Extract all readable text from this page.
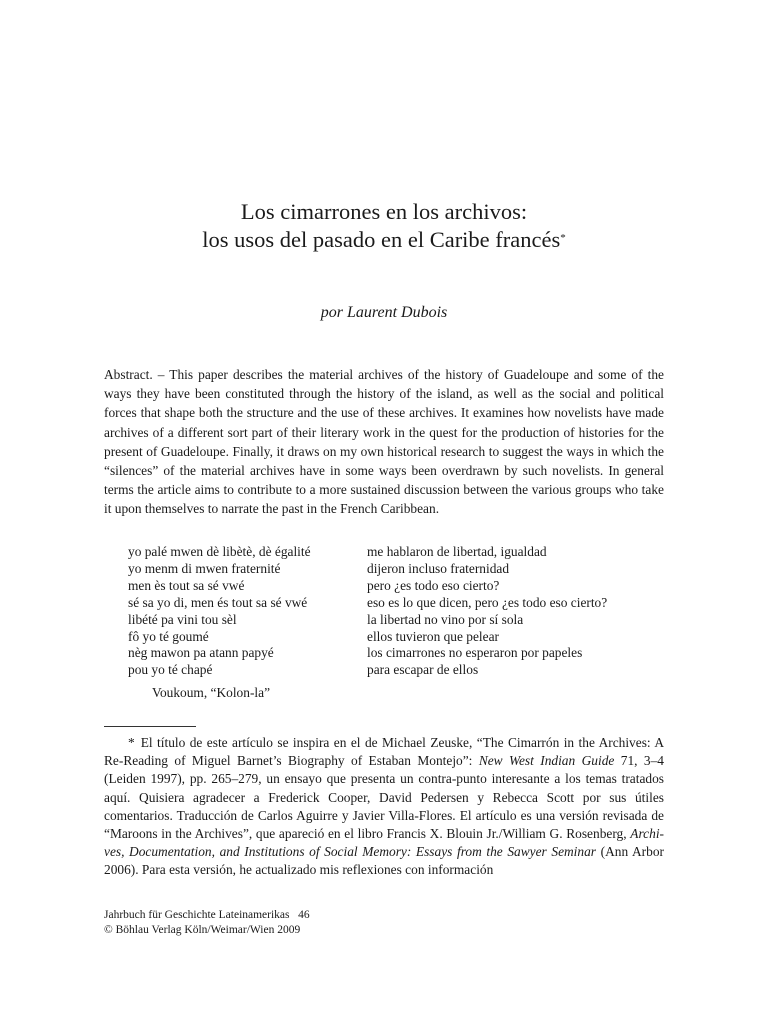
Los cimarrones en los archivos:
los usos del pasado en el Caribe francés*
por Laurent Dubois

Abstract. – This paper describes the material archives of the history of Guadeloupe and some of the ways they have been constituted through the history of the island, as well as the social and political forces that shape both the structure and the use of these archives. It examines how novelists have made archives of a different sort part of their literary work in the quest for the production of histories for the present of Guadeloupe. Finally, it draws on my own historical research to suggest the ways in which the “silences” of the material archives have in some ways been overdrawn by such novelists. In general terms the article aims to contribute to a more sustained discussion between the various groups who take it upon themselves to narrate the past in the French Caribbean.

yo palé mwen dè libètè, dè égalité
yo menm di mwen fraternité
men ès tout sa sé vwé
sé sa yo di, men és tout sa sé vwé
libété pa vini tou sèl
fô yo té goumé
nèg mawon pa atann papyé
pou yo té chapé
me hablaron de libertad, igualdad
dijeron incluso fraternidad
pero ¿es todo eso cierto?
eso es lo que dicen, pero ¿es todo eso cierto?
la libertad no vino por sí sola
ellos tuvieron que pelear
los cimarrones no esperaron por papeles
para escapar de ellos
Voukoum, “Kolon-la”

* El título de este artículo se inspira en el de Michael Zeuske, “The Cimarrón in the Archives: A Re-Reading of Miguel Barnet’s Biography of Estaban Montejo”: New West Indian Guide 71, 3–4 (Leiden 1997), pp. 265–279, un ensayo que presenta un contra-punto interesante a los temas tratados aquí. Quisiera agradecer a Frederick Cooper, David Pedersen y Rebecca Scott por sus útiles comentarios. Traducción de Carlos Aguirre y Javier Villa-Flores. El artículo es una versión revisada de “Maroons in the Archives”, que apareció en el libro Francis X. Blouin Jr./William G. Rosenberg, Archi-ves, Documentation, and Institutions of Social Memory: Essays from the Sawyer Seminar (Ann Arbor 2006). Para esta versión, he actualizado mis reflexiones con información

Jahrbuch für Geschichte Lateinamerikas   46
© Böhlau Verlag Köln/Weimar/Wien 2009
